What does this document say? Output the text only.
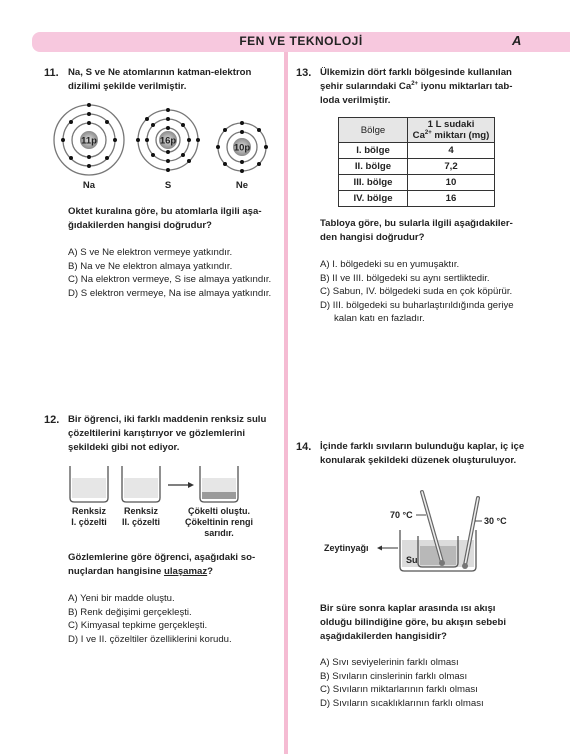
FEN VE TEKNOLOJİ	A
11. Na, S ve Ne atomlarının katman-elektron
dizilimi şekilde verilmiştir.
11p
Na
16p
S
10p
Ne
Oktet kuralına göre, bu atomlarla ilgili aşa-
ğıdakilerden hangisi doğrudur?
A) S ve Ne elektron vermeye yatkındır.
B) Na ve Ne elektron almaya yatkındır.
C) Na elektron vermeye, S ise almaya yatkındır.
D) S elektron vermeye, Na ise almaya yatkındır.
12. Bir öğrenci, iki farklı maddenin renksiz sulu
çözeltilerini karıştırıyor ve gözlemlerini
şekildeki gibi not ediyor.
Renksiz
I. çözelti
Renksiz
II. çözelti
Çökelti oluştu.
Çökeltinin rengi
sarıdır.
Gözlemlerine göre öğrenci, aşağıdaki so-
nuçlardan hangisine ulaşamaz?
A) Yeni bir madde oluştu.
B) Renk değişimi gerçekleşti.
C) Kimyasal tepkime gerçekleşti.
D) I ve II. çözeltiler özelliklerini korudu.
13. Ülkemizin dört farklı bölgesinde kullanılan
şehir sularındaki $Ca^{2+}$ iyonu miktarları tab-
loda verilmiştir.
Bölge	1 L sudaki
$Ca^{2+}$ miktarı (mg)

I. bölge	4
II. bölge	7,2
III. bölge	10
IV. bölge	16
Tabloya göre, bu sularla ilgili aşağıdakiler-
den hangisi doğrudur?
A) I. bölgedeki su en yumuşaktır.
B) II ve III. bölgedeki su aynı sertliktedir.
C) Sabun, IV. bölgedeki suda en çok köpürür.
D) III. bölgedeki su buharlaştırıldığında geriye
kalan katı en fazladır.
14. İçinde farklı sıvıların bulunduğu kaplar, iç içe
konularak şekildeki düzenek oluşturuluyor.
70 °C
30 °C
Zeytinyağı
Su
Bir süre sonra kaplar arasında ısı akışı
olduğu bilindiğine göre, bu akışın sebebi
aşağıdakilerden hangisidir?
A) Sıvı seviyelerinin farklı olması
B) Sıvıların cinslerinin farklı olması
C) Sıvıların miktarlarının farklı olması
D) Sıvıların sıcaklıklarının farklı olması
